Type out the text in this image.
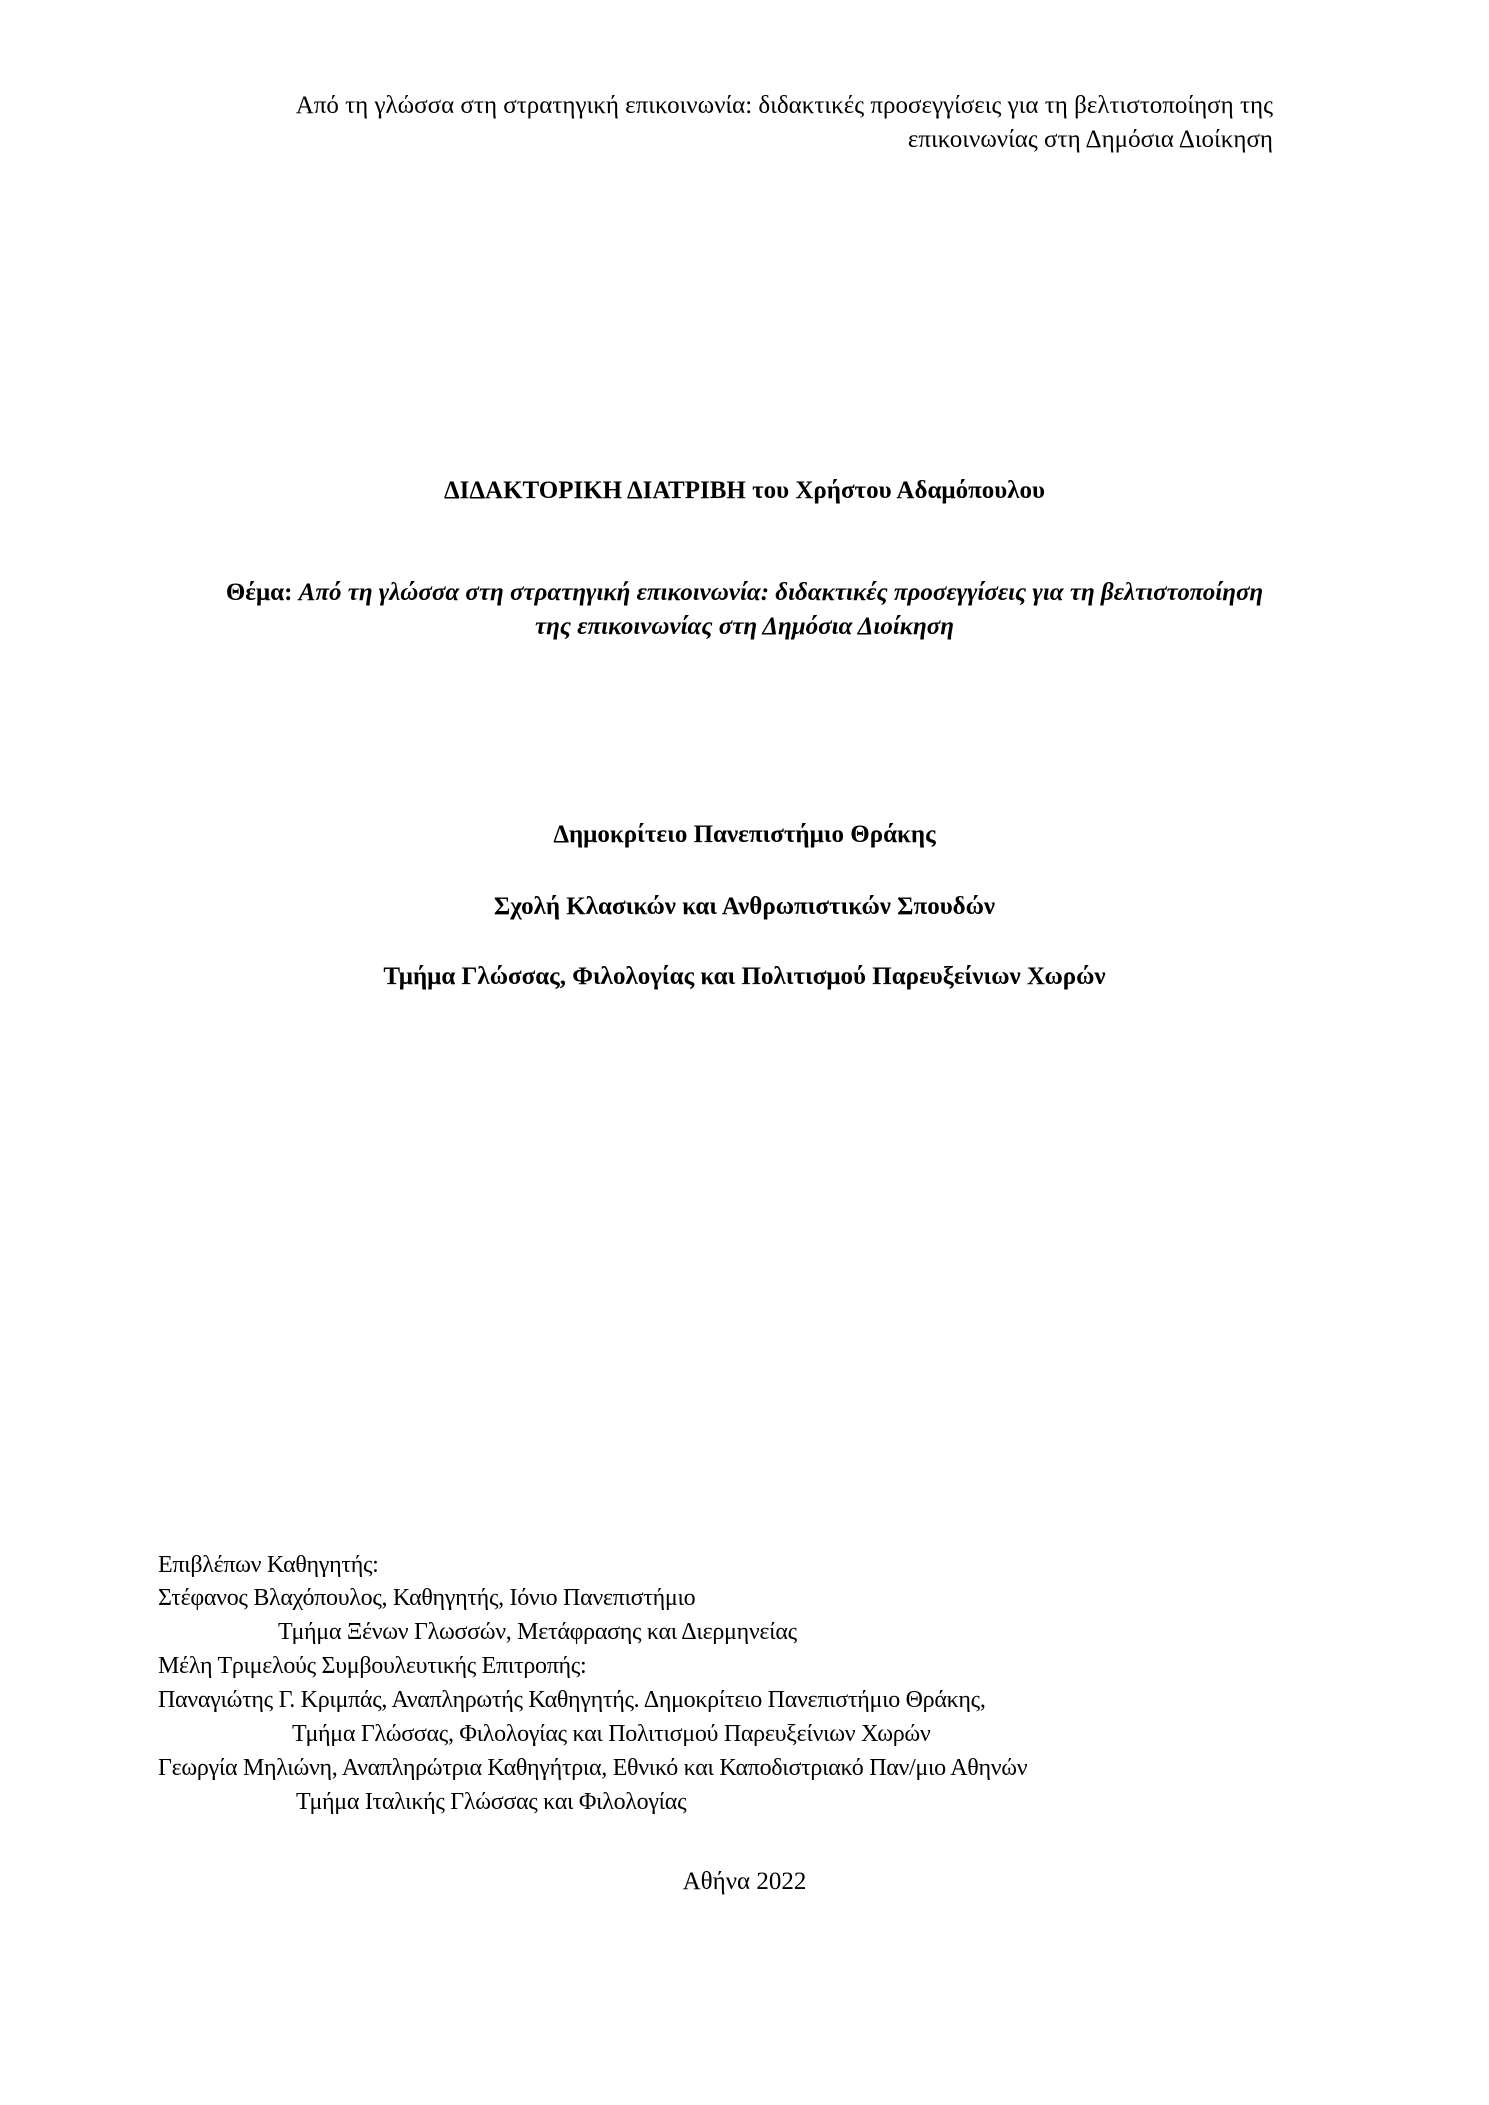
Από τη γλώσσα στη στρατηγική επικοινωνία: διδακτικές προσεγγίσεις για τη βελτιστοποίηση της
επικοινωνίας στη Δημόσια Διοίκηση
ΔΙΔΑΚΤΟΡΙΚΗ ΔΙΑΤΡΙΒΗ του Χρήστου Αδαμόπουλου
Θέμα: Από τη γλώσσα στη στρατηγική επικοινωνία: διδακτικές προσεγγίσεις για τη βελτιστοποίηση
της επικοινωνίας στη Δημόσια Διοίκηση
Δημοκρίτειο Πανεπιστήμιο Θράκης
Σχολή Κλασικών και Ανθρωπιστικών Σπουδών
Τμήμα Γλώσσας, Φιλολογίας και Πολιτισμού Παρευξείνιων Χωρών
Επιβλέπων Καθηγητής:
Στέφανος Βλαχόπουλος, Καθηγητής, Ιόνιο Πανεπιστήμιο
Τμήμα Ξένων Γλωσσών, Μετάφρασης και Διερμηνείας
Μέλη Τριμελούς Συμβουλευτικής Επιτροπής:
Παναγιώτης Γ. Κριμπάς, Αναπληρωτής Καθηγητής. Δημοκρίτειο Πανεπιστήμιο Θράκης,
Τμήμα Γλώσσας, Φιλολογίας και Πολιτισμού Παρευξείνιων Χωρών
Γεωργία Μηλιώνη, Αναπληρώτρια Καθηγήτρια, Εθνικό και Καποδιστριακό Παν/μιο Αθηνών
Τμήμα Ιταλικής Γλώσσας και Φιλολογίας
Αθήνα 2022
